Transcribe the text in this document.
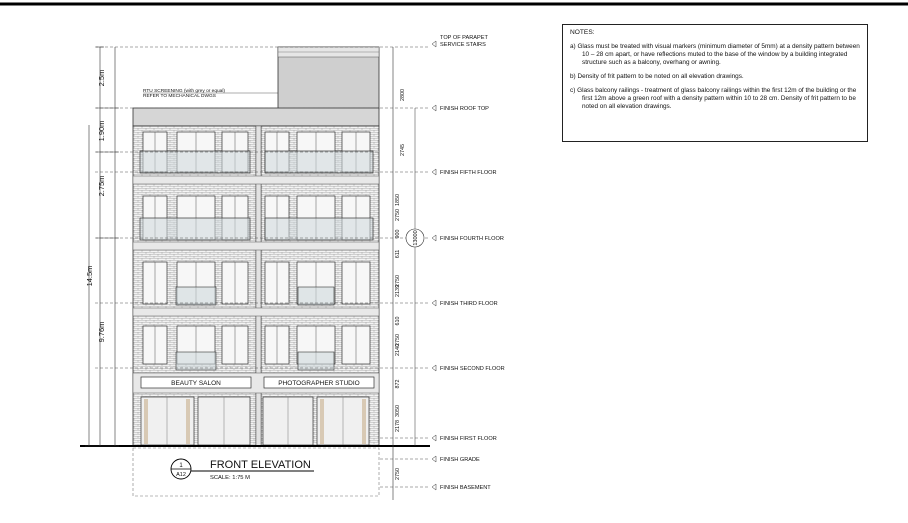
BEAUTY SALON	PHOTOGRAPHER STUDIO
2.5m
1.90m
2.75m
14.5m
9.76m
RTU SCREENING (with grey or equal)
REFER TO MECHANICAL DWGS	2800
2745
1850
2750
900
611
2750
2139
610
2750
2140
872
3050
2178
2750
13000
TOP OF PARAPET
SERVICE STAIRS
FINISH ROOF TOP
FINISH FIFTH FLOOR
FINISH FOURTH FLOOR
FINISH THIRD FLOOR
FINISH SECOND FLOOR
FINISH FIRST FLOOR
FINISH GRADE
FINISH BASEMENT
1
A12
FRONT ELEVATION
SCALE: 1:75 M
NOTES:
a) Glass must be treated with visual markers (minimum diameter of 5mm) at a density pattern between 10 – 28 cm apart, or have reflections muted to the base of the window by a building integrated structure such as a balcony, overhang or awning.
b) Density of frit pattern to be noted on all elevation drawings.
c) Glass balcony railings - treatment of glass balcony railings within the first 12m of the building or the first 12m above a green roof with a density pattern within 10 to 28 cm. Density of frit pattern to be noted on all elevation drawings.
